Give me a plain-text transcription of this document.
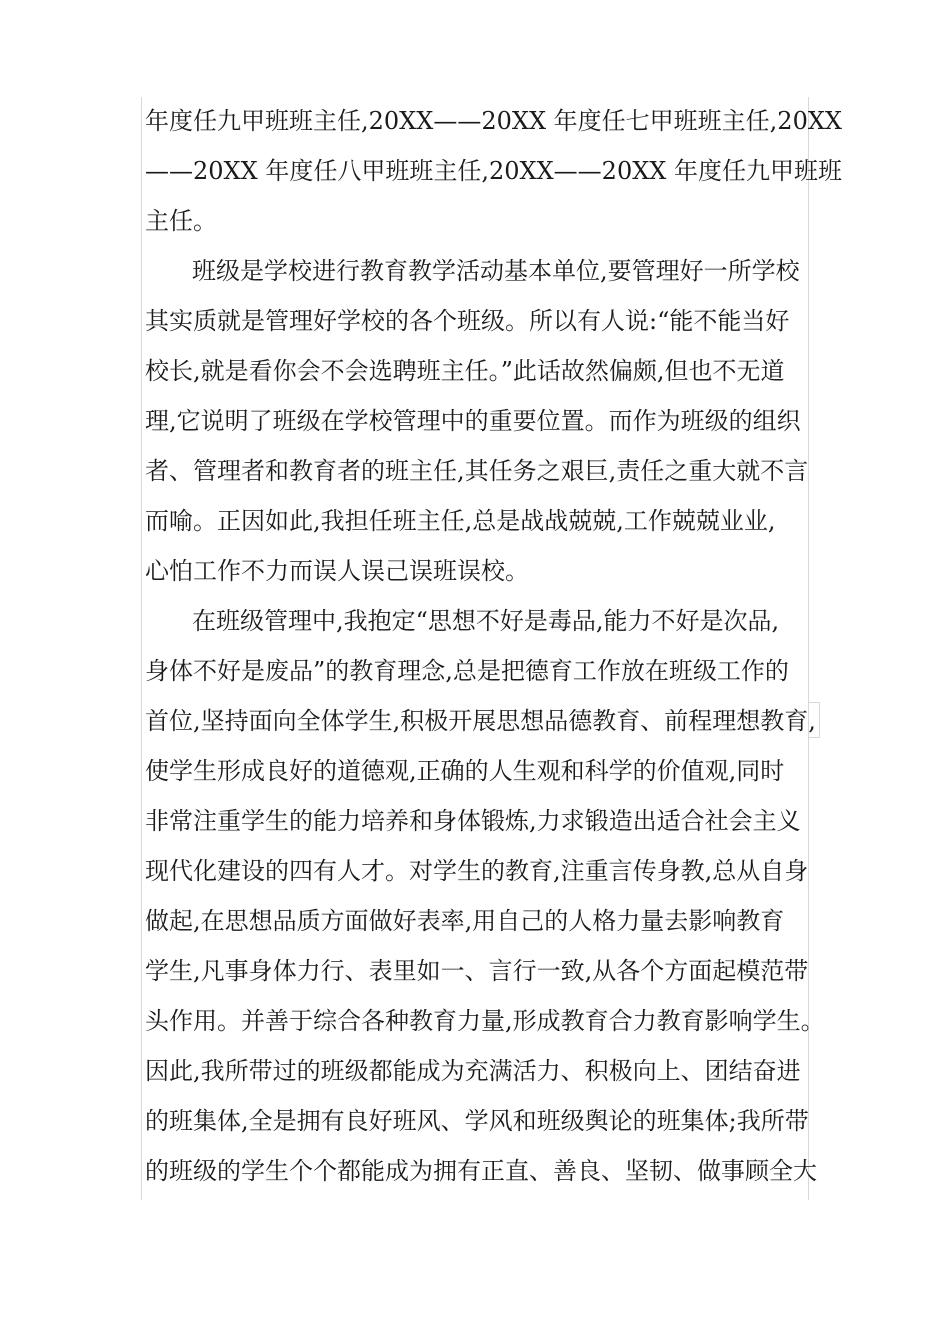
年度任九甲班班主任,20XX——20XX 年度任七甲班班主任,20XX

——20XX 年度任八甲班班主任,20XX——20XX 年度任九甲班班

主任。

班级是学校进行教育教学活动基本单位,要管理好一所学校

其实质就是管理好学校的各个班级。所以有人说:“能不能当好

校长,就是看你会不会选聘班主任。”此话故然偏颇,但也不无道

理,它说明了班级在学校管理中的重要位置。而作为班级的组织

者、管理者和教育者的班主任,其任务之艰巨,责任之重大就不言

而喻。正因如此,我担任班主任,总是战战兢兢,工作兢兢业业,

心怕工作不力而误人误己误班误校。

在班级管理中,我抱定“思想不好是毒品,能力不好是次品,

身体不好是废品”的教育理念,总是把德育工作放在班级工作的

首位,坚持面向全体学生,积极开展思想品德教育、前程理想教育,

使学生形成良好的道德观,正确的人生观和科学的价值观,同时

非常注重学生的能力培养和身体锻炼,力求锻造出适合社会主义

现代化建设的四有人才。对学生的教育,注重言传身教,总从自身

做起,在思想品质方面做好表率,用自己的人格力量去影响教育

学生,凡事身体力行、表里如一、言行一致,从各个方面起模范带

头作用。并善于综合各种教育力量,形成教育合力教育影响学生。

因此,我所带过的班级都能成为充满活力、积极向上、团结奋进

的班集体,全是拥有良好班风、学风和班级舆论的班集体;我所带

的班级的学生个个都能成为拥有正直、善良、坚韧、做事顾全大
